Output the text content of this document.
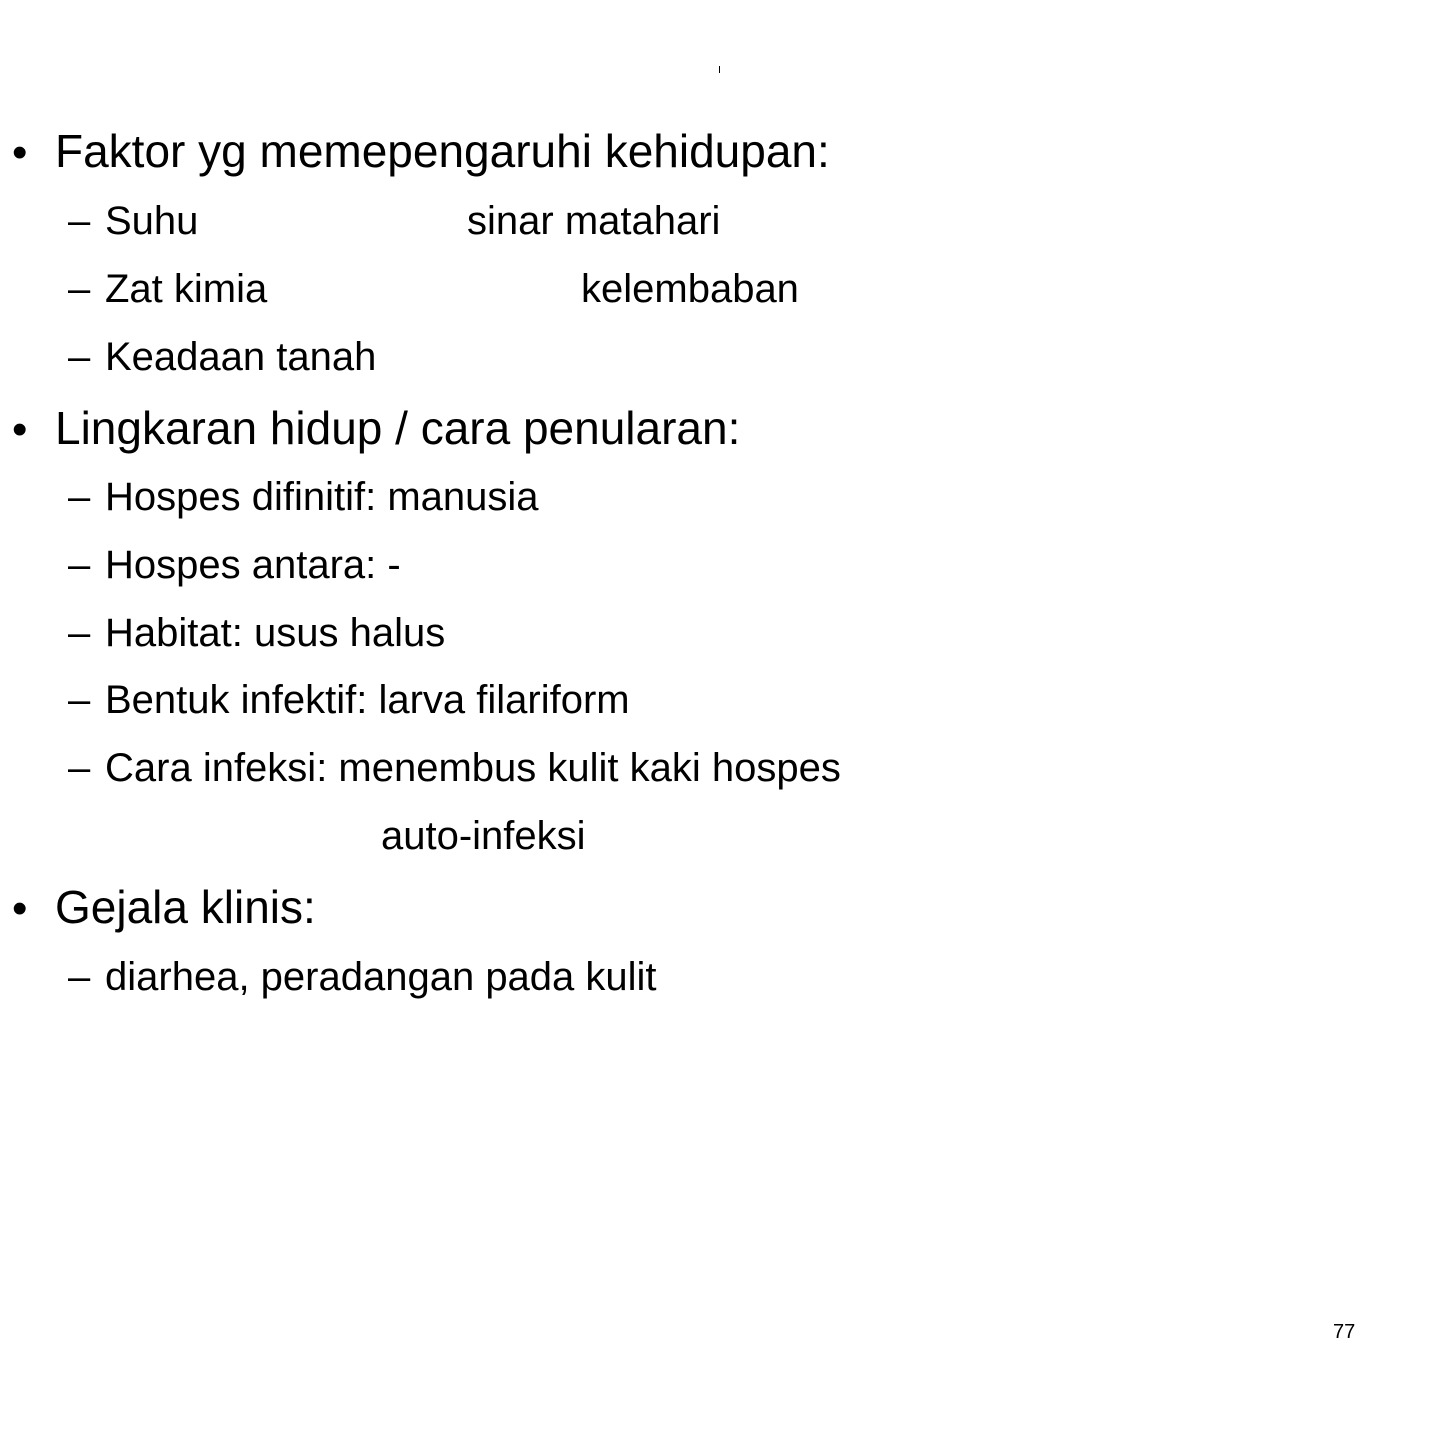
• Faktor yg memepengaruhi kehidupan:
– Suhu	sinar matahari
– Zat kimia	kelembaban
– Keadaan tanah
• Lingkaran hidup / cara penularan:
– Hospes difinitif: manusia
– Hospes antara: -
– Habitat: usus halus
– Bentuk infektif: larva filariform
– Cara infeksi: menembus kulit kaki hospes
auto-infeksi
• Gejala klinis:
– diarhea, peradangan pada kulit
77
